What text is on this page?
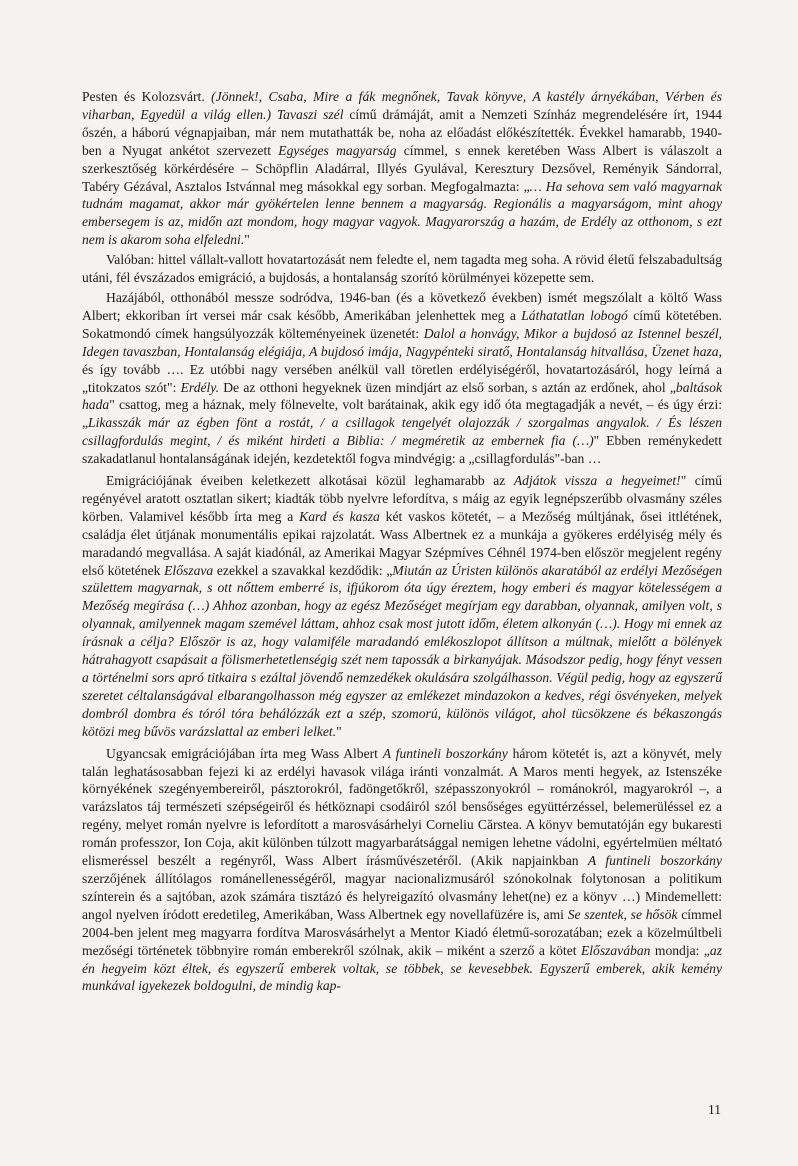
Pesten és Kolozsvárt. (Jönnek!, Csaba, Mire a fák megnőnek, Tavak könyve, A kastély árnyékában, Vérben és viharban, Egyedül a világ ellen.) Tavaszi szél című drámáját, amit a Nemzeti Színház megrendelésére írt, 1944 őszén, a háború végnapjaiban, már nem mutathatták be, noha az előadást előkészítették. Évekkel hamarabb, 1940-ben a Nyugat ankétot szervezett Egységes magyarság címmel, s ennek keretében Wass Albert is válaszolt a szerkesztőség körkérdésére – Schöpflin Aladárral, Illyés Gyulával, Keresztury Dezsővel, Reményik Sándorral, Tabéry Gézával, Asztalos Istvánnal meg másokkal egy sorban. Megfogalmazta: „… Ha sehova sem való magyarnak tudnám magamat, akkor már gyökértelen lenne bennem a magyarság. Regionális a magyarságom, mint ahogy embersegem is az, midőn azt mondom, hogy magyar vagyok. Magyarország a hazám, de Erdély az otthonom, s ezt nem is akarom soha elfeledni."

Valóban: hittel vállalt-vallott hovatartozását nem feledte el, nem tagadta meg soha. A rövid életű felszabadultság utáni, fél évszázados emigráció, a bujdosás, a hontalanság szorító körülményei közepette sem.

Hazájából, otthonából messze sodródva, 1946-ban (és a következő években) ismét megszólalt a költő Wass Albert; ekkoriban írt versei már csak később, Amerikában jelenhettek meg a Láthatatlan lobogó című kötetében. Sokatmondó címek hangsúlyozzák költeményeinek üzenetét: Dalol a honvágy, Mikor a bujdosó az Istennel beszél, Idegen tavaszban, Hontalanság elégiája, A bujdosó imája, Nagypénteki siratő, Hontalanság hitvallása, Üzenet haza, és így tovább …. Ez utóbbi nagy versében anélkül vall töretlen erdélyiségéről, hovatartozásáról, hogy leírná a „titokzatos szót": Erdély. De az otthoni hegyeknek üzen mindjárt az első sorban, s aztán az erdőnek, ahol „baltások hada" csattog, meg a háznak, mely fölnevelte, volt barátainak, akik egy idő óta megtagadják a nevét, – és úgy érzi: „Likasszák már az égben fönt a rostát, / a csillagok tengelyét olajozzák / szorgalmas angyalok. / És lészen csillagfordulás megint, / és miként hirdeti a Biblia: / megméretik az embernek fia (…)" Ebben reménykedett szakadatlanul hontalanságának idején, kezdetektől fogva mindvégig: a „csillagfordulás"-ban …

Emigrációjának éveiben keletkezett alkotásai közül leghamarabb az Adjátok vissza a hegyeimet!" című regényével aratott osztatlan sikert; kiadták több nyelvre lefordítva, s máig az egyik legnépszerűbb olvasmány széles körben. Valamivel később írta meg a Kard és kasza két vaskos kötetét, – a Mezőség múltjának, ősei ittlétének, családja élet útjának monumentális epikai rajzolatát. Wass Albertnek ez a munkája a gyökeres erdélyiség mély és maradandó megvallása. A saját kiadónál, az Amerikai Magyar Szépmíves Céhnél 1974-ben először megjelent regény első kötetének Előszava ezekkel a szavakkal kezdődik: „Miután az Úristen különös akaratából az erdélyi Mezőségen születtem magyarnak, s ott nőttem emberré is, ifjúkorom óta úgy éreztem, hogy emberi és magyar kötelességem a Mezőség megírása (…) Ahhoz azonban, hogy az egész Mezőséget megírjam egy darabban, olyannak, amilyen volt, s olyannak, amilyennek magam szemével láttam, ahhoz csak most jutott időm, életem alkonyán (…). Hogy mi ennek az írásnak a célja? Először is az, hogy valamiféle maradandó emlékoszlopot állítson a múltnak, mielőtt a bölények hátrahagyott csapásait a fölismerhetetlenségig szét nem tapossák a birkanyájak. Másodszor pedig, hogy fényt vessen a történelmi sors apró titkaira s ezáltal jövendő nemzedékek okulására szolgálhasson. Végül pedig, hogy az egyszerű szeretet céltalanságával elbarangolhasson még egyszer az emlékezet mindazokon a kedves, régi ösvényeken, melyek dombról dombra és tóról tóra behálózzák ezt a szép, szomorú, különös világot, ahol tücsökzene és békaszongás kötözi meg bűvös varázslattal az emberi lelket."

Ugyancsak emigrációjában írta meg Wass Albert A funtineli boszorkány három kötetét is, azt a könyvét, mely talán leghatásosabban fejezi ki az erdélyi havasok világa iránti vonzalmát. A Maros menti hegyek, az Istenszéke környékének szegényembereiről, pásztorokról, fadöngetőkről, szépasszonyokról – románokról, magyarokról –, a varázslatos táj természeti szépségeiről és hétköznapi csodáiról szól bensőséges együttérzéssel, belemerüléssel ez a regény, melyet román nyelvre is lefordított a marosvásárhelyi Corneliu Cărstea. A könyv bemutatóján egy bukaresti román professzor, Ion Coja, akit különben túlzott magyarbarátsággal nemigen lehetne vádolni, egyértelmüen méltató elismeréssel beszélt a regényről, Wass Albert írásművészetéről. (Akik napjainkban A funtineli boszorkány szerzőjének állítólagos románellenességéről, magyar nacionalizmusáról szónokolnak folytonosan a politikum színterein és a sajtóban, azok számára tisztázó és helyreigazító olvasmány lehet(ne) ez a könyv …) Mindemellett: angol nyelven íródott eredetileg, Amerikában, Wass Albertnek egy novellafüzére is, ami Se szentek, se hősök címmel 2004-ben jelent meg magyarra fordítva Marosvásárhelyt a Mentor Kiadó életmű-sorozatában; ezek a közelmúltbeli mezőségi történetek többnyire román emberekről szólnak, akik – miként a szerző a kötet Előszavában mondja: „az én hegyeim közt éltek, és egyszerű emberek voltak, se többek, se kevesebbek. Egyszerű emberek, akik kemény munkával igyekezek boldogulni, de mindig kap-

11
